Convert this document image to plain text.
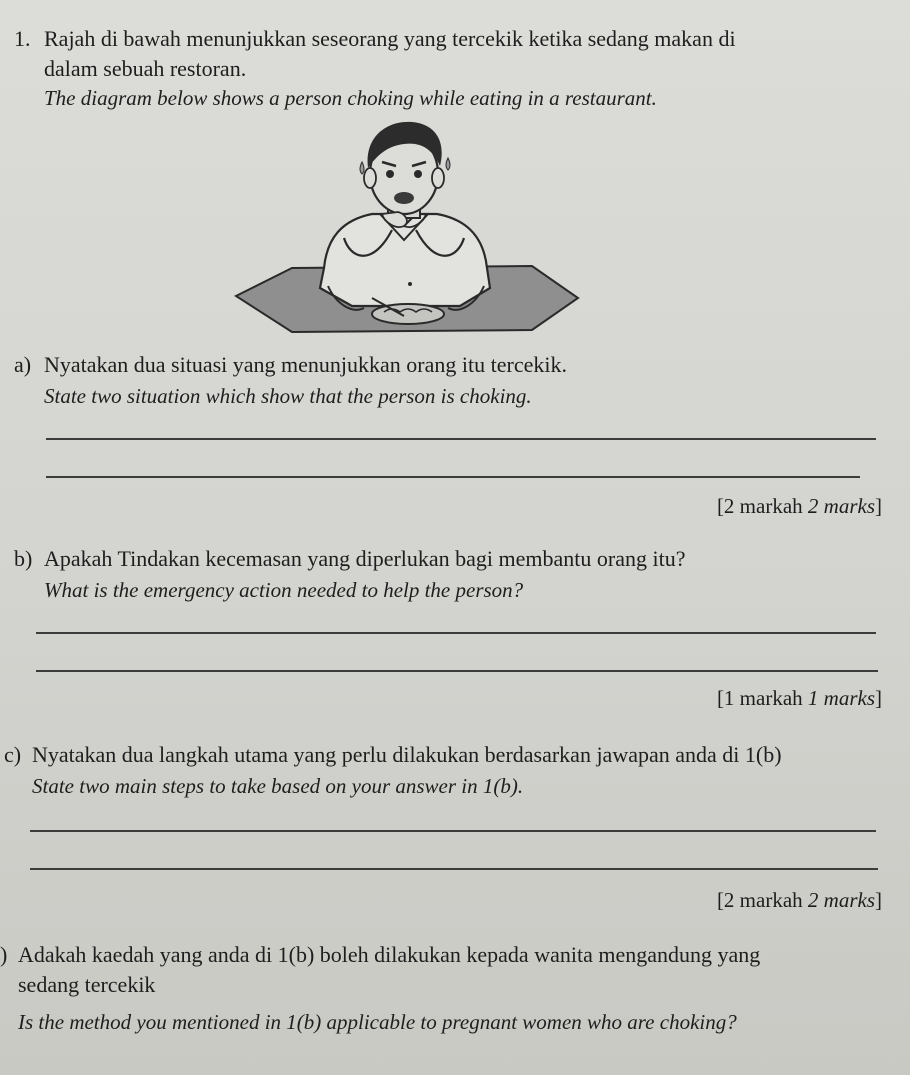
1. Rajah di bawah menunjukkan seseorang yang tercekik ketika sedang makan di
dalam sebuah restoran.
The diagram below shows a person choking while eating in a restaurant.
a) Nyatakan dua situasi yang menunjukkan orang itu tercekik.
State two situation which show that the person is choking.
[2 markah 2 marks]
b) Apakah Tindakan kecemasan yang diperlukan bagi membantu orang itu?
What is the emergency action needed to help the person?
[1 markah 1 marks]
c) Nyatakan dua langkah utama yang perlu dilakukan berdasarkan jawapan anda di 1(b)
State two main steps to take based on your answer in 1(b).
[2 markah 2 marks]
) Adakah kaedah yang anda di 1(b) boleh dilakukan kepada wanita mengandung yang
sedang tercekik
Is the method you mentioned in 1(b) applicable to pregnant women who are choking?
